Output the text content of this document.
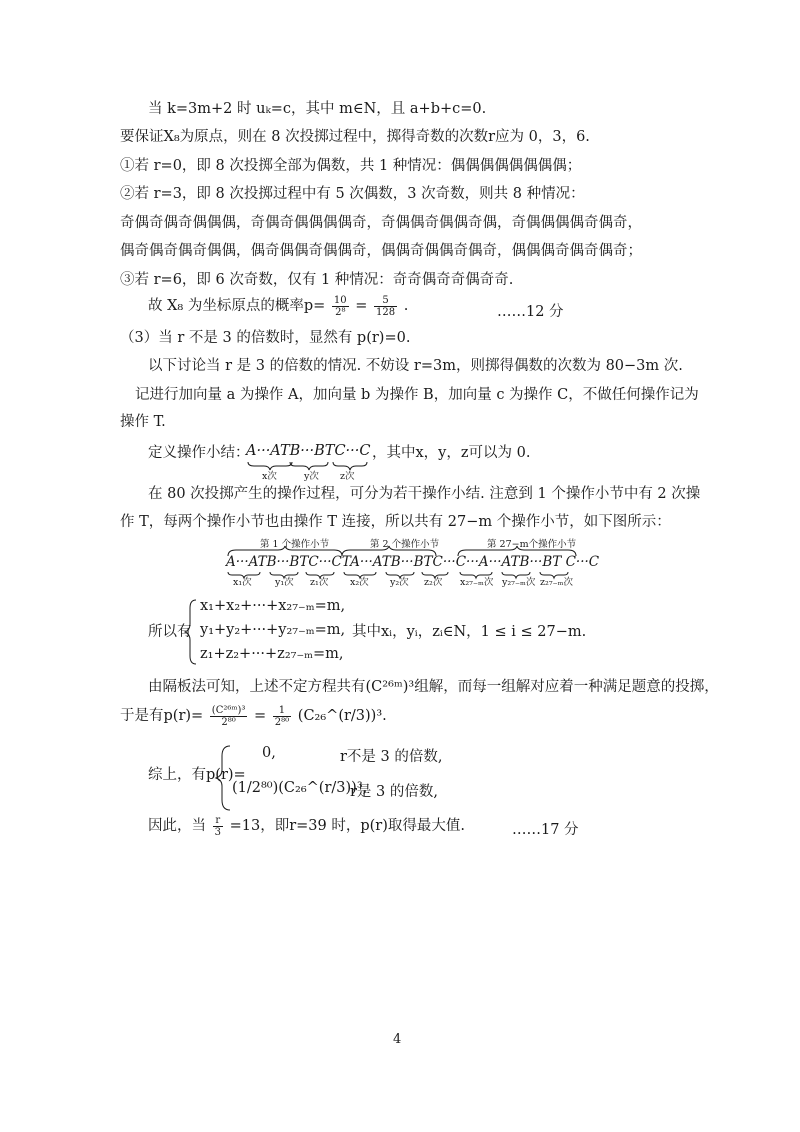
当 k=3m+2 时 uₖ=c，其中 m∈N，且 a+b+c=0.
要保证X₈为原点，则在 8 次投掷过程中，掷得奇数的次数r应为 0，3，6.
①若 r=0，即 8 次投掷全部为偶数，共 1 种情况：偶偶偶偶偶偶偶偶；
②若 r=3，即 8 次投掷过程中有 5 次偶数，3 次奇数，则共 8 种情况：
奇偶奇偶奇偶偶偶，奇偶奇偶偶偶偶奇，奇偶偶奇偶偶奇偶，奇偶偶偶偶奇偶奇，
偶奇偶奇偶奇偶偶，偶奇偶偶奇偶偶奇，偶偶奇偶偶奇偶奇，偶偶偶奇偶奇偶奇；
③若 r=6，即 6 次奇数，仅有 1 种情况：奇奇偶奇奇偶奇奇.
故 X₈ 为坐标原点的概率$p= \frac{10}{\text{2⁸}} = \frac{5}{128}$ .	……12 分
（3）当 r 不是 3 的倍数时，显然有 p(r)=0.
以下讨论当 r 是 3 的倍数的情况. 不妨设 r=3m，则掷得偶数的次数为 80−3m 次.
记进行加向量 a 为操作 A，加向量 b 为操作 B，加向量 c 为操作 C，不做任何操作记为
操作 T.
定义操作小结：
A···ATB···BTC···C ，其中x，y，z可以为 0.
x次	y次 z次
在 80 次投掷产生的操作过程，可分为若干操作小结. 注意到 1 个操作小节中有 2 次操
作 T，每两个操作小节也由操作 T 连接，所以共有 27−m 个操作小节，如下图所示：
第 1 个操作小节	第 2 个操作小节	第 27−m个操作小节
A···ATB···BTC···CTA···ATB···BTC···C···A···ATB···BT C···C
x₁次 y₁次 z₁次 x₂次 y₂次 z₂次 x₂₇₋ₘ次 y₂₇₋ₘ次 z₂₇₋ₘ次
所以有
x₁+x₂+···+x₂₇₋ₘ=m,
y₁+y₂+···+y₂₇₋ₘ=m,
z₁+z₂+···+z₂₇₋ₘ=m,
其中xᵢ，yᵢ，zᵢ∈N，1 ≤ i ≤ 27−m.
由隔板法可知，上述不定方程共有(C²⁶ᵐ)³组解，而每一组解对应着一种满足题意的投掷，
于是有$p(r)= \frac{\text{(C²⁶ᵐ)³}}{\text{2⁸⁰}} = \frac{1}{\text{2⁸⁰}}$ (C₂₆^(r/3))³.
综上，有p(r)=
0,	r不是 3 的倍数,
(1/2⁸⁰)(C₂₆^(r/3))³,
r是 3 的倍数,
因此，当 $\frac{r}{3} =13$，即r=39 时，p(r)取得最大值.	……17 分
4
